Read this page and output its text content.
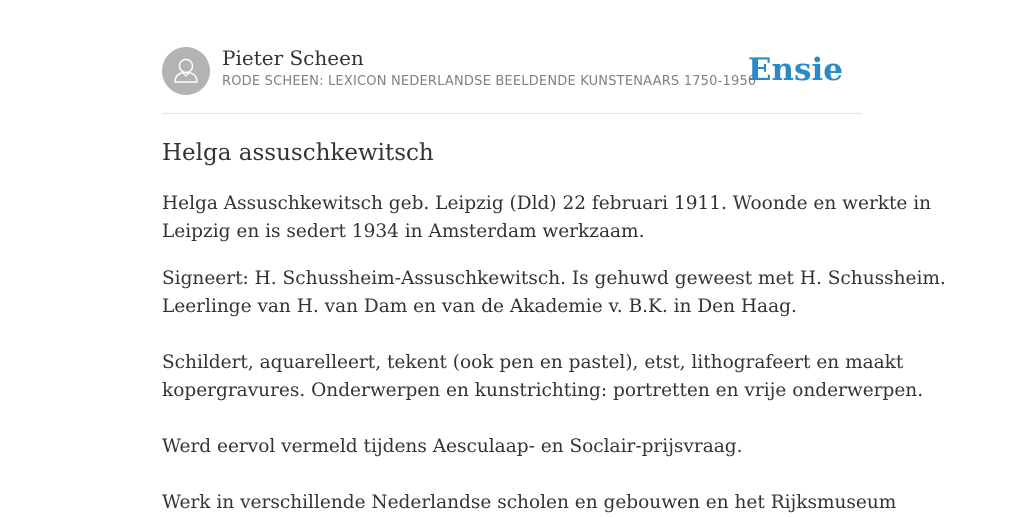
Pieter Scheen
RODE SCHEEN: LEXICON NEDERLANDSE BEELDENDE KUNSTENAARS 1750-1950
Ensie
Helga assuschkewitsch

Helga Assuschkewitsch geb. Leipzig (Dld) 22 februari 1911. Woonde en werkte in

Leipzig en is sedert 1934 in Amsterdam werkzaam.

Signeert: H. Schussheim-Assuschkewitsch. Is gehuwd geweest met H. Schussheim.

Leerlinge van H. van Dam en van de Akademie v. B.K. in Den Haag.

Schildert, aquarelleert, tekent (ook pen en pastel), etst, lithografeert en maakt

kopergravures. Onderwerpen en kunstrichting: portretten en vrije onderwerpen.

Werd eervol vermeld tijdens Aesculaap- en Soclair-prijsvraag.

Werk in verschillende Nederlandse scholen en gebouwen en het Rijksmuseum
